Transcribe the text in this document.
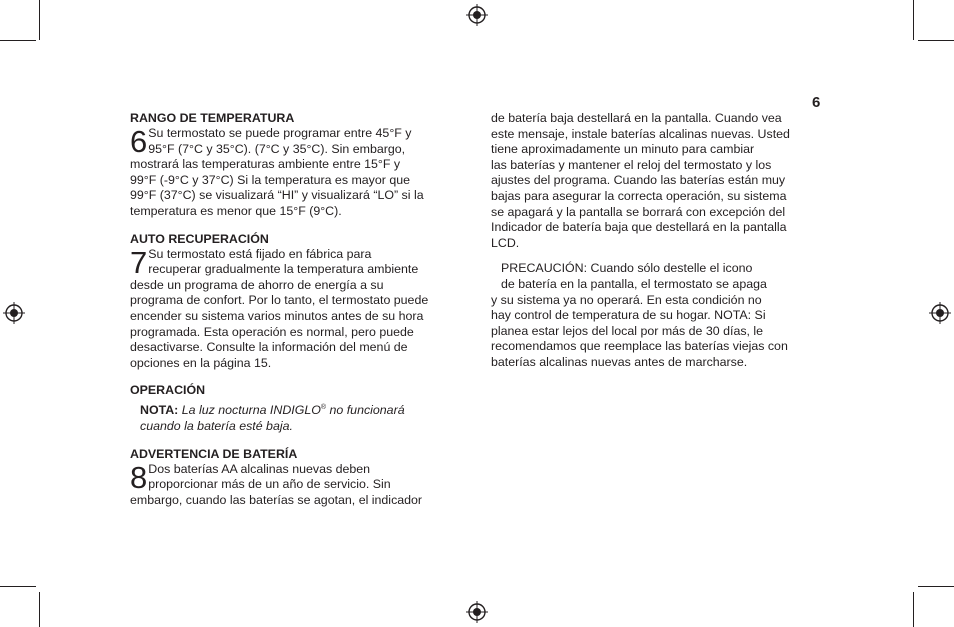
6

RANGO DE TEMPERATURA

6 Su termostato se puede programar entre 45°F y
95°F (7°C y 35°C). (7°C y 35°C). Sin embargo,
mostrará las temperaturas ambiente entre 15°F y
99°F (-9°C y 37°C) Si la temperatura es mayor que
99°F (37°C) se visualizará “HI” y visualizará “LO” si la
temperatura es menor que 15°F (9°C).

AUTO RECUPERACIÓN

7 Su termostato está fijado en fábrica para
recuperar gradualmente la temperatura ambiente
desde un programa de ahorro de energía a su
programa de confort. Por lo tanto, el termostato puede
encender su sistema varios minutos antes de su hora
programada. Esta operación es normal, pero puede
desactivarse. Consulte la información del menú de
opciones en la página 15.

OPERACIÓN

NOTA: La luz nocturna INDIGLO® no funcionará
cuando la batería esté baja.

ADVERTENCIA DE BATERÍA

8 Dos baterías AA alcalinas nuevas deben
proporcionar más de un año de servicio. Sin
embargo, cuando las baterías se agotan, el indicador
de batería baja destellará en la pantalla. Cuando vea
este mensaje, instale baterías alcalinas nuevas. Usted
tiene aproximadamente un minuto para cambiar
las baterías y mantener el reloj del termostato y los
ajustes del programa. Cuando las baterías están muy
bajas para asegurar la correcta operación, su sistema
se apagará y la pantalla se borrará con excepción del
Indicador de batería baja que destellará en la pantalla
LCD.
PRECAUCIÓN: Cuando sólo destelle el icono
de batería en la pantalla, el termostato se apaga
y su sistema ya no operará. En esta condición no
hay control de temperatura de su hogar. NOTA: Si
planea estar lejos del local por más de 30 días, le
recomendamos que reemplace las baterías viejas con
baterías alcalinas nuevas antes de marcharse.
